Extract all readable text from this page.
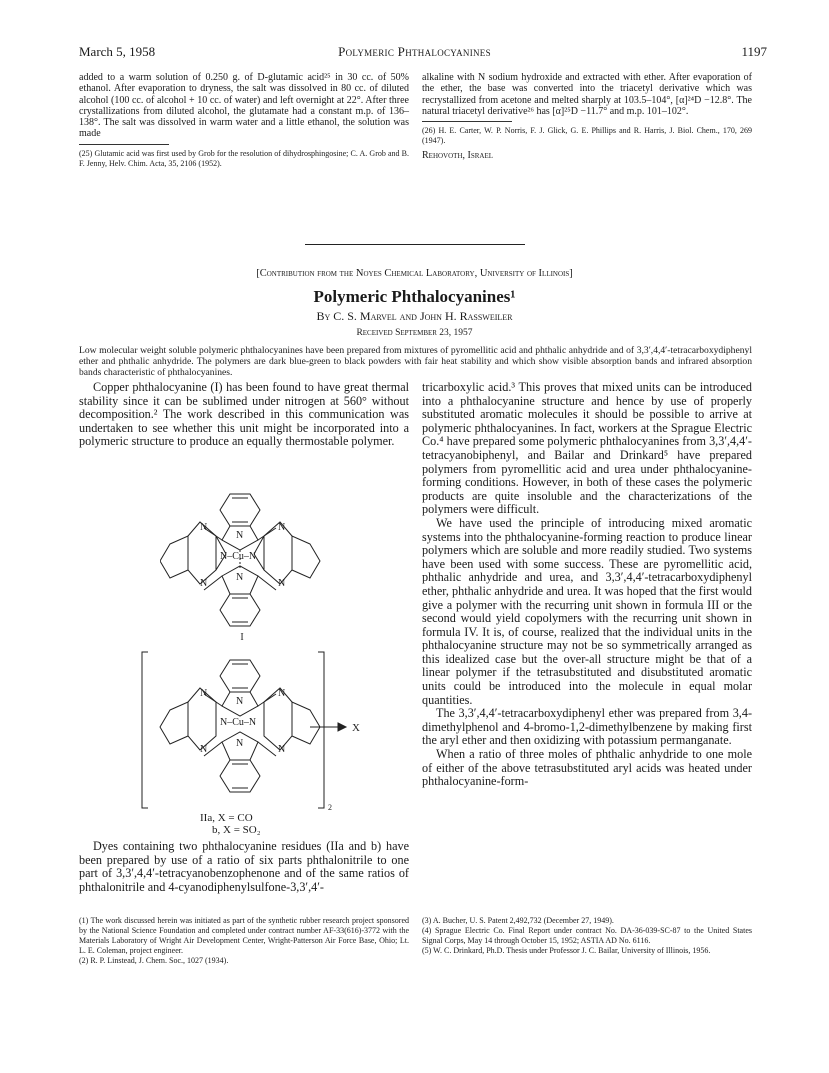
Polymeric Phthalocyanines
March 5, 1958	1197

added to a warm solution of 0.250 g. of D-glutamic acid²⁵ in 30 cc. of 50% ethanol. After evaporation to dryness, the salt was dissolved in 80 cc. of diluted alcohol (100 cc. of alcohol + 10 cc. of water) and left overnight at 22°. After three crystallizations from diluted alcohol, the glutamate had a constant m.p. of 136–138°. The salt was dissolved in warm water and a little ethanol, the solution was made

(25) Glutamic acid was first used by Grob for the resolution of dihydrosphingosine; C. A. Grob and B. F. Jenny, Helv. Chim. Acta, 35, 2106 (1952).

alkaline with N sodium hydroxide and extracted with ether. After evaporation of the ether, the base was converted into the triacetyl derivative which was recrystallized from acetone and melted sharply at 103.5–104°, [α]²⁴D −12.8°. The natural triacetyl derivative²⁶ has [α]²⁵D −11.7° and m.p. 101–102°.

(26) H. E. Carter, W. P. Norris, F. J. Glick, G. E. Phillips and R. Harris, J. Biol. Chem., 170, 269 (1947).

Rehovoth, Israel

[Contribution from the Noyes Chemical Laboratory, University of Illinois]
Polymeric Phthalocyanines¹
By C. S. Marvel and John H. Rassweiler
Received September 23, 1957
Low molecular weight soluble polymeric phthalocyanines have been prepared from mixtures of pyromellitic acid and phthalic anhydride and of 3,3′,4,4′-tetracarboxydiphenyl ether and phthalic anhydride. The polymers are dark blue-green to black powders with fair heat stability and which show visible absorption bands and infrared absorption bands characteristic of phthalocyanines.

Copper phthalocyanine (I) has been found to have great thermal stability since it can be sublimed under nitrogen at 560° without decomposition.² The work described in this communication was undertaken to see whether this unit might be incorporated into a polymeric structure to produce an equally thermostable polymer.

N
N
N
N–Cu–N
N
N
N
I
N
N
N
N–Cu–N
N
N
N
X
2
IIa, X = CO
b, X = SO₂

Dyes containing two phthalocyanine residues (IIa and b) have been prepared by use of a ratio of six parts phthalonitrile to one part of 3,3′,4,4′-tetracyanobenzophenone and of the same ratios of phthalonitrile and 4-cyanodiphenylsulfone-3,3′,4′-

(1) The work discussed herein was initiated as part of the synthetic rubber research project sponsored by the National Science Foundation and completed under contract number AF-33(616)-3772 with the Materials Laboratory of Wright Air Development Center, Wright-Patterson Air Force Base, Ohio; Lt. L. E. Coleman, project engineer.

(2) R. P. Linstead, J. Chem. Soc., 1027 (1934).

tricarboxylic acid.³ This proves that mixed units can be introduced into a phthalocyanine structure and hence by use of properly substituted aromatic molecules it should be possible to arrive at polymeric phthalocyanines. In fact, workers at the Sprague Electric Co.⁴ have prepared some polymeric phthalocyanines from 3,3′,4,4′-tetracyanobiphenyl, and Bailar and Drinkard⁵ have prepared polymers from pyromellitic acid and urea under phthalocyanine-forming conditions. However, in both of these cases the polymeric products are quite insoluble and the characterizations of the polymers were difficult.

We have used the principle of introducing mixed aromatic systems into the phthalocyanine-forming reaction to produce linear polymers which are soluble and more readily studied. Two systems have been used with some success. These are pyromellitic acid, phthalic anhydride and urea, and 3,3′,4,4′-tetracarboxydiphenyl ether, phthalic anhydride and urea. It was hoped that the first would give a polymer with the recurring unit shown in formula III or the second would yield copolymers with the recurring unit shown in formula IV. It is, of course, realized that the individual units in the phthalocyanine structure may not be so symmetrically arranged as this idealized case but the over-all structure might be that of a linear polymer if the tetrasubstituted and disubstituted aromatic units could be introduced into the molecule in equal molar quantities.

The 3,3′,4,4′-tetracarboxydiphenyl ether was prepared from 3,4-dimethylphenol and 4-bromo-1,2-dimethylbenzene by making first the aryl ether and then oxidizing with potassium permanganate.

When a ratio of three moles of phthalic anhydride to one mole of either of the above tetrasubstituted aryl acids was heated under phthalocyanine-form-

(3) A. Bucher, U. S. Patent 2,492,732 (December 27, 1949).

(4) Sprague Electric Co. Final Report under contract No. DA-36-039-SC-87 to the United States Signal Corps, May 14 through October 15, 1952; ASTIA AD No. 6116.

(5) W. C. Drinkard, Ph.D. Thesis under Professor J. C. Bailar, University of Illinois, 1956.
